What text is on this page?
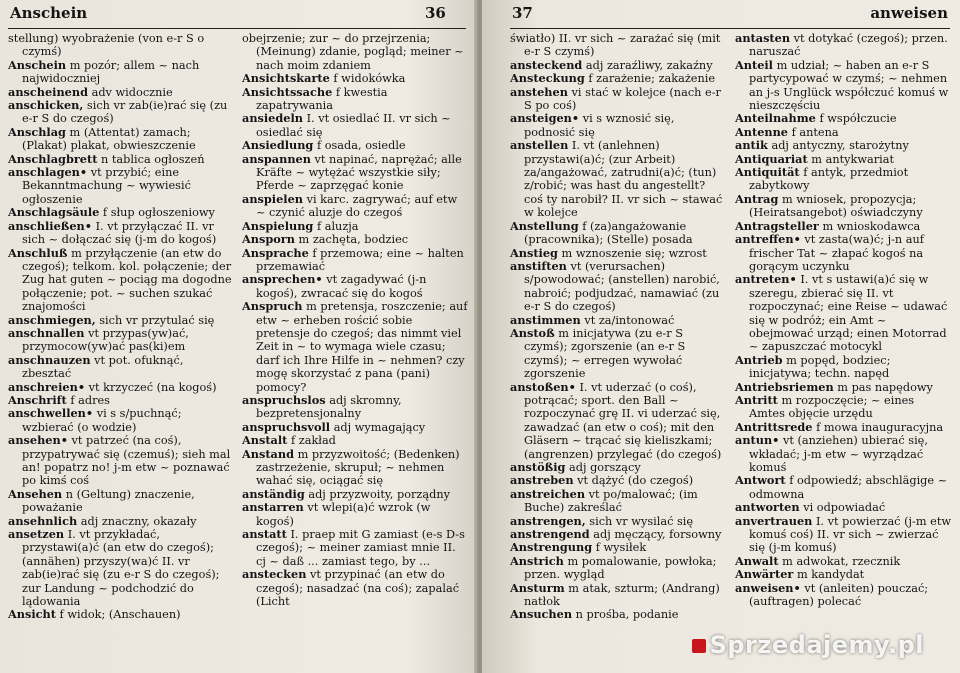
Anschein	36

stellung) wyobrażenie (von e-r S o czymś)

Anschein m pozór; allem ~ nach najwidoczniej

anscheinend adv widocznie

anschicken, sich vr zab(ie)rać się (zu e-r S do czegoś)

Anschlag m (Attentat) zamach; (Plakat) plakat, obwieszczenie

Anschlagbrett n tablica ogłoszeń

anschlagen• vt przybić; eine Bekanntmachung ~ wywiesić ogłoszenie

Anschlagsäule f słup ogłoszeniowy

anschließen• I. vt przyłączać II. vr sich ~ dołączać się (j-m do kogoś)

Anschluß m przyłączenie (an etw do czegoś); telkom. kol. połączenie; der Zug hat guten ~ pociąg ma dogodne połączenie; pot. ~ suchen szukać znajomości

anschmiegen, sich vr przytulać się

anschnallen vt przypas(yw)ać, przymocow(yw)ać pas(ki)em

anschnauzen vt pot. ofuknąć, zbesztać

anschreien• vt krzyczeć (na kogoś)

Anschrift f adres

anschwellen• vi s s/puchnąć; wzbierać (o wodzie)

ansehen• vt patrzeć (na coś), przypatrywać się (czemuś); sieh mal an! popatrz no! j-m etw ~ poznawać po kimś coś

Ansehen n (Geltung) znaczenie, poważanie

ansehnlich adj znaczny, okazały

ansetzen I. vt przykładać, przystawi(a)ć (an etw do czegoś); (annähen) przyszy(wa)ć II. vr zab(ie)rać się (zu e-r S do czegoś); zur Landung ~ podchodzić do lądowania

Ansicht f widok; (Anschauen)

obejrzenie; zur ~ do przejrzenia; (Meinung) zdanie, pogląd; meiner ~ nach moim zdaniem

Ansichtskarte f widokówka

Ansichtssache f kwestia zapatrywania

ansiedeln I. vt osiedlać II. vr sich ~ osiedlać się

Ansiedlung f osada, osiedle

anspannen vt napinać, naprężać; alle Kräfte ~ wytężać wszystkie siły; Pferde ~ zaprzęgać konie

anspielen vi karc. zagrywać; auf etw ~ czynić aluzje do czegoś

Anspielung f aluzja

Ansporn m zachęta, bodziec

Ansprache f przemowa; eine ~ halten przemawiać

ansprechen• vt zagadywać (j-n kogoś), zwracać się do kogoś

Anspruch m pretensja, roszczenie; auf etw ~ erheben rościć sobie pretensje do czegoś; das nimmt viel Zeit in ~ to wymaga wiele czasu; darf ich Ihre Hilfe in ~ nehmen? czy mogę skorzystać z pana (pani) pomocy?

anspruchslos adj skromny, bezpretensjonalny

anspruchsvoll adj wymagający

Anstalt f zakład

Anstand m przyzwoitość; (Bedenken) zastrzeżenie, skrupuł; ~ nehmen wahać się, ociągać się

anständig adj przyzwoity, porządny

anstarren vt wlepi(a)ć wzrok (w kogoś)

anstatt I. praep mit G zamiast (e-s D-s czegoś); ~ meiner zamiast mnie II. cj ~ daß ... zamiast tego, by ...

anstecken vt przypinać (an etw do czegoś); nasadzać (na coś); zapalać (Licht

37	anweisen

światło) II. vr sich ~ zarażać się (mit e-r S czymś)

ansteckend adj zaraźliwy, zakaźny

Ansteckung f zarażenie; zakażenie

anstehen vi stać w kolejce (nach e-r S po coś)

ansteigen• vi s wznosić się, podnosić się

anstellen I. vt (anlehnen) przystawi(a)ć; (zur Arbeit) za/angażować, zatrudni(a)ć; (tun) z/robić; was hast du angestellt? coś ty narobił? II. vr sich ~ stawać w kolejce

Anstellung f (za)angażowanie (pracownika); (Stelle) posada

Anstieg m wznoszenie się; wzrost

anstiften vt (verursachen) s/powodować; (anstellen) narobić, nabroić; podjudzać, namawiać (zu e-r S do czegoś)

anstimmen vt za/intonować

Anstoß m inicjatywa (zu e-r S czymś); zgorszenie (an e-r S czymś); ~ erregen wywołać zgorszenie

anstoßen• I. vt uderzać (o coś), potrącać; sport. den Ball ~ rozpoczynać grę II. vi uderzać się, zawadzać (an etw o coś); mit den Gläsern ~ trącać się kieliszkami; (angrenzen) przylegać (do czegoś)

anstößig adj gorszący

anstreben vt dążyć (do czegoś)

anstreichen vt po/malować; (im Buche) zakreślać

anstrengen, sich vr wysilać się

anstrengend adj męczący, forsowny

Anstrengung f wysiłek

Anstrich m pomalowanie, powłoka; przen. wygląd

Ansturm m atak, szturm; (Andrang) natłok

Ansuchen n prośba, podanie

antasten vt dotykać (czegoś); przen. naruszać

Anteil m udział; ~ haben an e-r S partycypować w czymś; ~ nehmen an j-s Unglück współczuć komuś w nieszczęściu

Anteilnahme f współczucie

Antenne f antena

antik adj antyczny, starożytny

Antiquariat m antykwariat

Antiquität f antyk, przedmiot zabytkowy

Antrag m wniosek, propozycja; (Heiratsangebot) oświadczyny

Antragsteller m wnioskodawca

antreffen• vt zasta(wa)ć; j-n auf frischer Tat ~ złapać kogoś na gorącym uczynku

antreten• I. vt s ustawi(a)ć się w szeregu, zbierać się II. vt rozpoczynać; eine Reise ~ udawać się w podróż; ein Amt ~ obejmować urząd; einen Motorrad ~ zapuszczać motocykl

Antrieb m popęd, bodziec; inicjatywa; techn. napęd

Antriebsriemen m pas napędowy

Antritt m rozpoczęcie; ~ eines Amtes objęcie urzędu

Antrittsrede f mowa inauguracyjna

antun• vt (anziehen) ubierać się, wkładać; j-m etw ~ wyrządzać komuś

Antwort f odpowiedź; abschlägige ~ odmowna

antworten vi odpowiadać

anvertrauen I. vt powierzać (j-m etw komuś coś) II. vr sich ~ zwierzać się (j-m komuś)

Anwalt m adwokat, rzecznik

Anwärter m kandydat

anweisen• vt (anleiten) pouczać; (auftragen) polecać

Sprzedajemy.pl
